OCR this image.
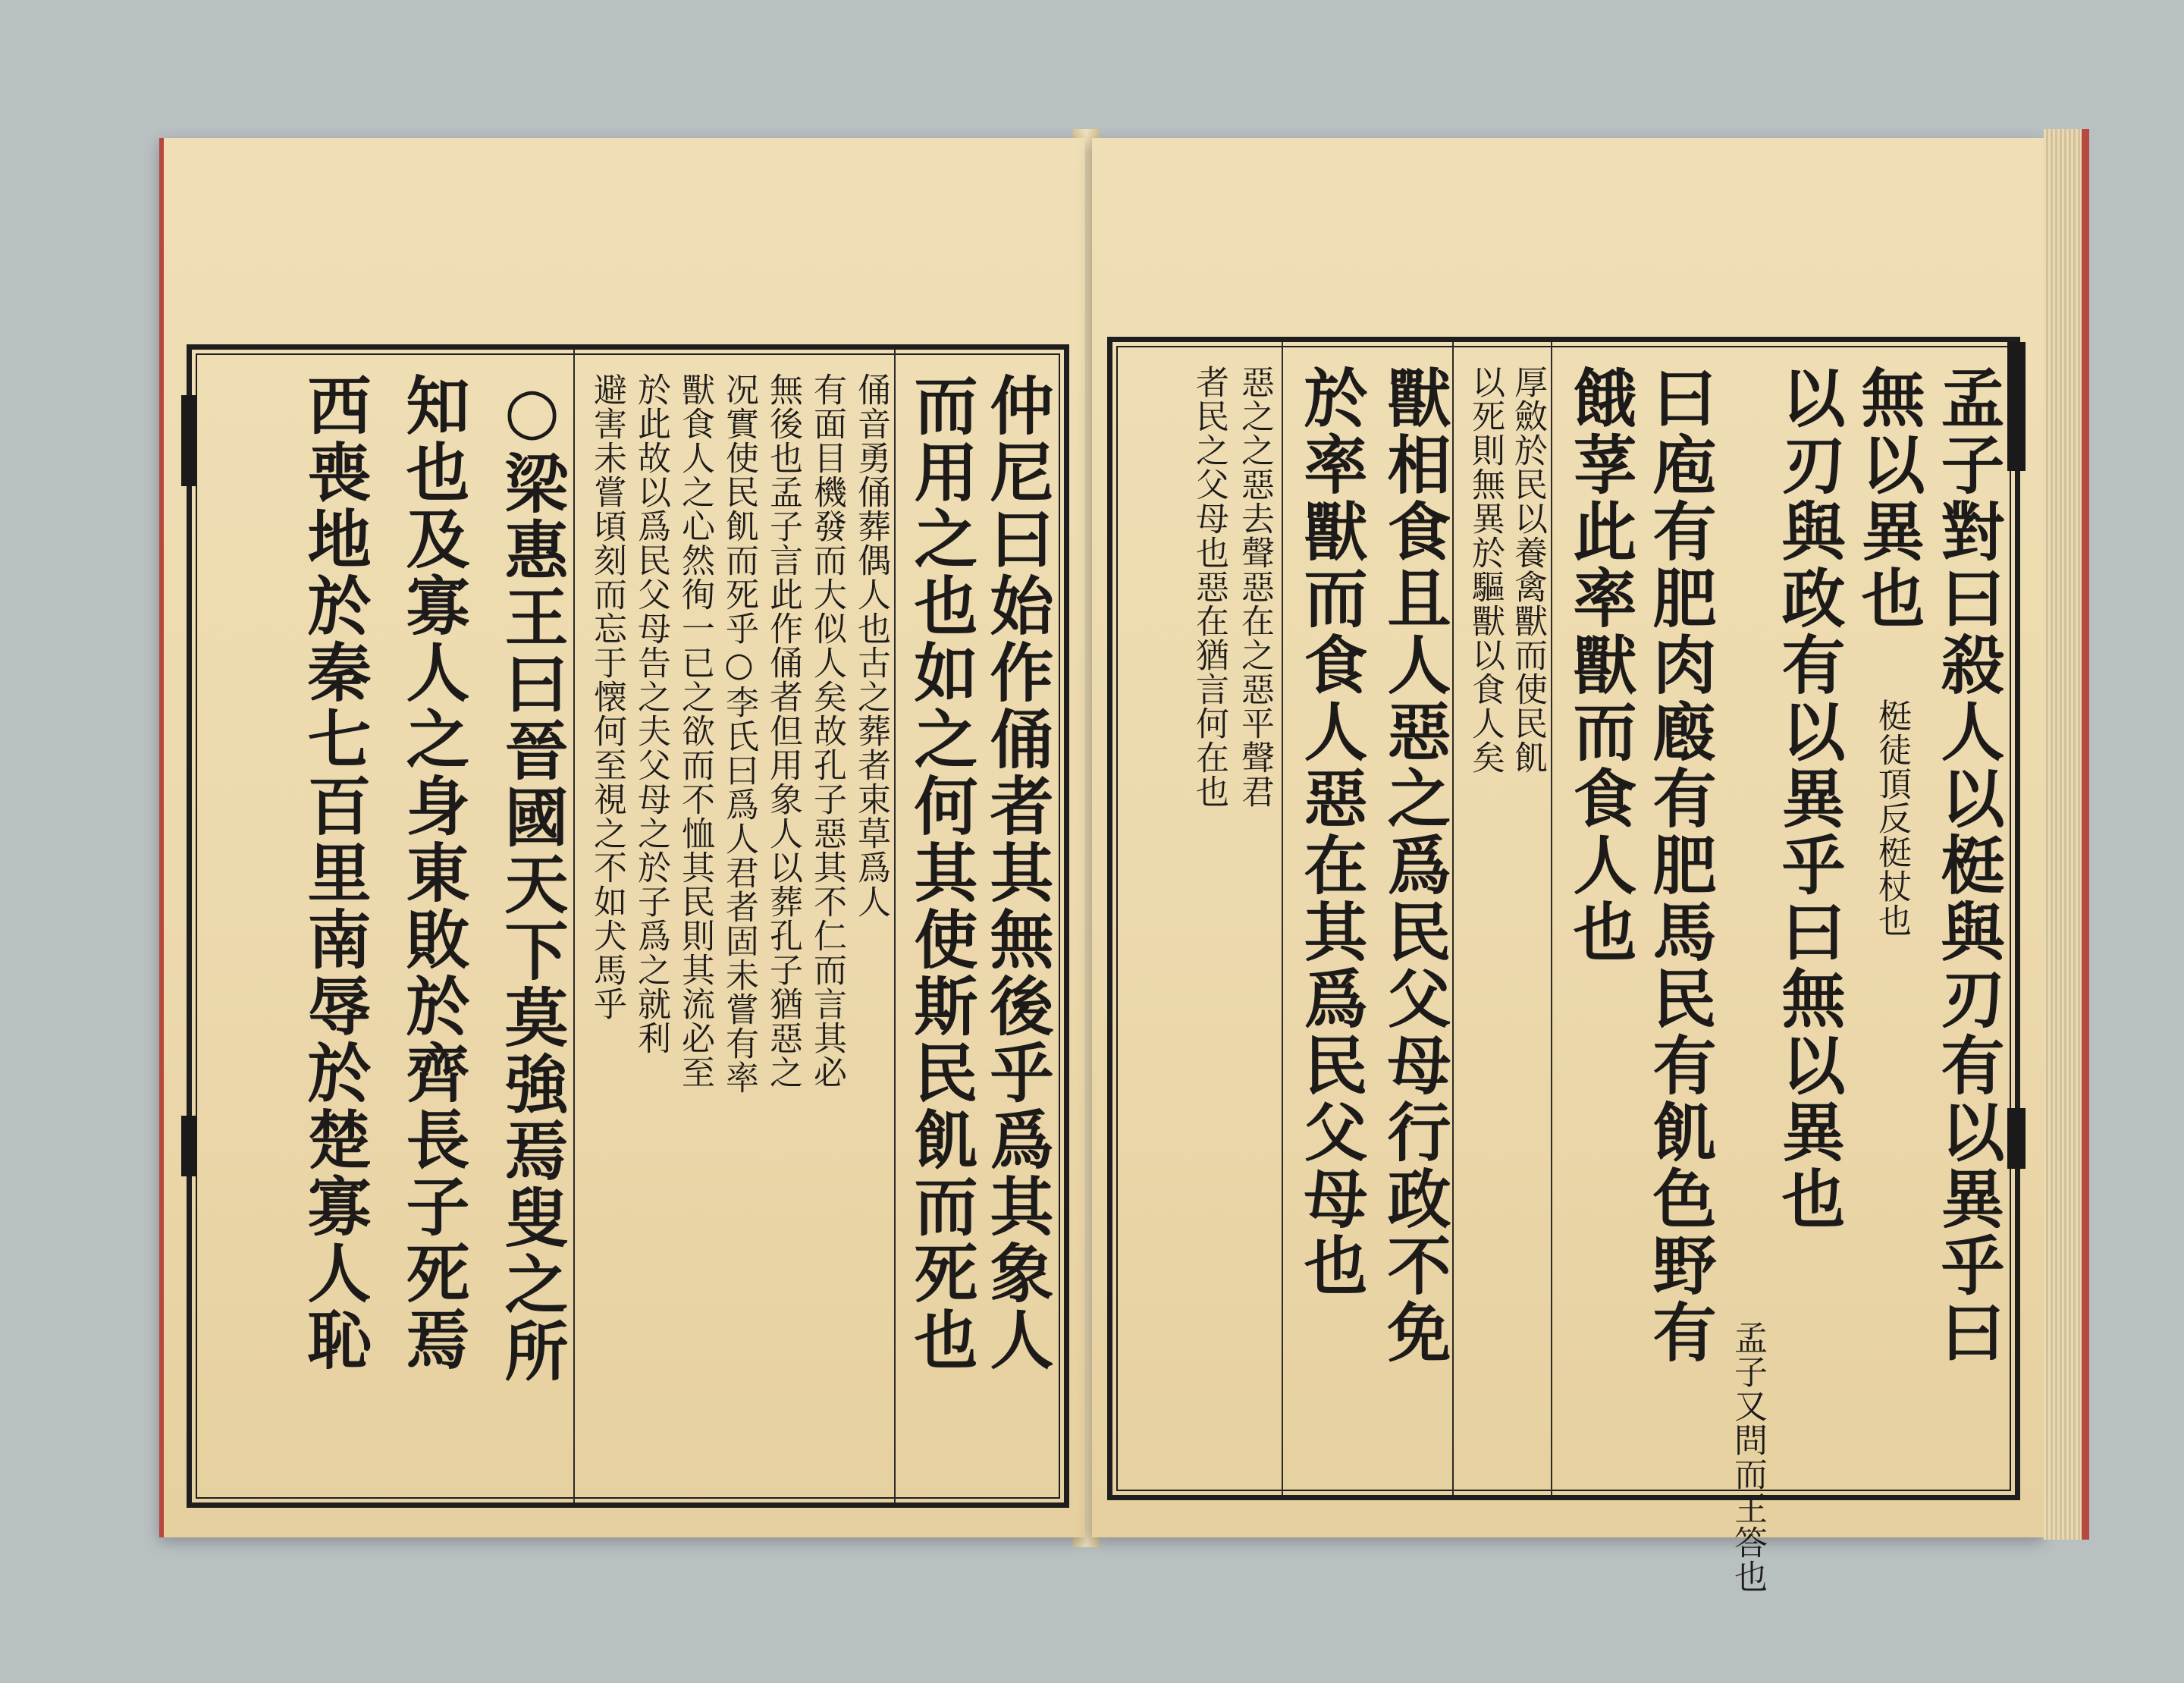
仲尼曰始作俑者其無後乎爲其象人
而用之也如之何其使斯民飢而死也
俑音勇俑葬偶人也古之葬者束草爲人
有面目機發而大似人矣故孔子惡其不仁而言其必
無後也孟子言此作俑者但用象人以葬孔子猶惡之
况實使民飢而死乎○李氏曰爲人君者固未嘗有率
獸食人之心然徇一已之欲而不恤其民則其流必至
於此故以爲民父母告之夫父母之於子爲之就利
避害未嘗頃刻而忘于懐何至視之不如犬馬乎
○梁惠王曰晉國天下莫強焉叟之所
知也及寡人之身東敗於齊長子死焉
西喪地於秦七百里南辱於楚寡人恥	孟子對曰殺人以梃與刃有以異乎曰
無以異也
梃徒頂反梃杖也
以刃與政有以異乎曰無以異也
孟子又問而王答也
曰庖有肥肉廏有肥馬民有飢色野有
餓莩此率獸而食人也
厚斂於民以養禽獸而使民飢
以死則無異於驅獸以食人矣
獸相食且人惡之爲民父母行政不免
於率獸而食人惡在其爲民父母也
惡之之惡去聲惡在之惡平聲君
者民之父母也惡在猶言何在也
